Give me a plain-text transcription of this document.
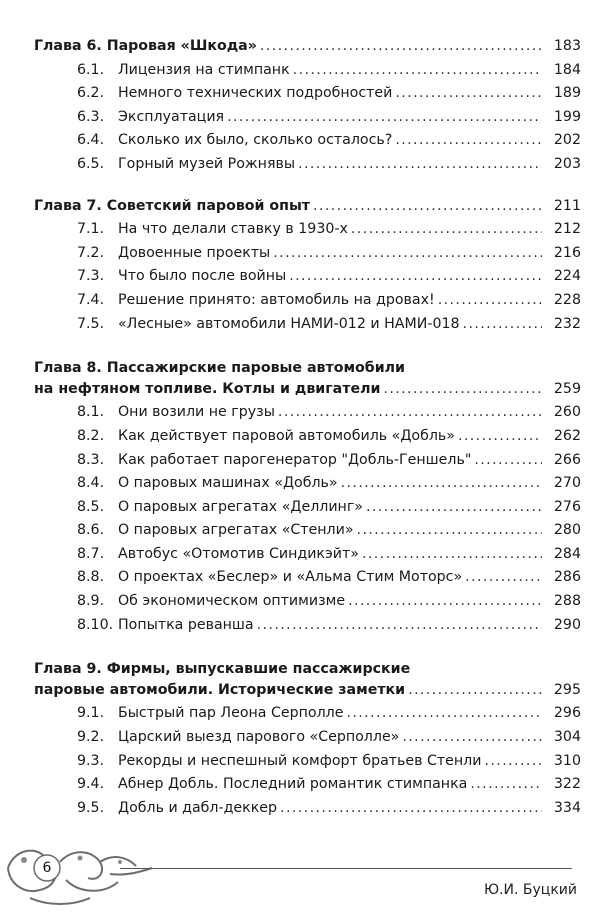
Глава 6. Паровая «Шкода» .....	183
6.1. Лицензия на стимпанк .....	184
6.2. Немного технических подробностей .....	189
6.3. Эксплуатация .....	199
6.4. Сколько их было, сколько осталось? .....	202
6.5. Горный музей Рожнявы .....	203
Глава 7. Советский паровой опыт .....	211
7.1. На что делали ставку в 1930-х .....	212
7.2. Довоенные проекты .....	216
7.3. Что было после войны .....	224
7.4. Решение принято: автомобиль на дровах! .....	228
7.5. «Лесные» автомобили НАМИ-012 и НАМИ-018 .....	232
Глава 8. Пассажирские паровые автомобили
на нефтяном топливе. Котлы и двигатели .....	259
8.1. Они возили не грузы .....	260
8.2. Как действует паровой автомобиль «Добль» .....	262
8.3. Как работает парогенератор "Добль-Геншель" .....	266
8.4. О паровых машинах «Добль» .....	270
8.5. О паровых агрегатах «Деллинг» .....	276
8.6. О паровых агрегатах «Стенли» .....	280
8.7. Автобус «Отомотив Синдикэйт» .....	284
8.8. О проектах «Беслер» и «Альма Стим Моторс» .....	286
8.9. Об экономическом оптимизме .....	288
8.10. Попытка реванша .....	290
Глава 9. Фирмы, выпускавшие пассажирские
паровые автомобили. Исторические заметки .....	295
9.1. Быстрый пар Леона Серполле .....	296
9.2. Царский выезд парового «Серполле» .....	304
9.3. Рекорды и неспешный комфорт братьев Стенли .....	310
9.4. Абнер Добль. Последний романтик стимпанка .....	322
9.5. Добль и дабл-деккер .....	334
6
Ю.И. Буцкий
